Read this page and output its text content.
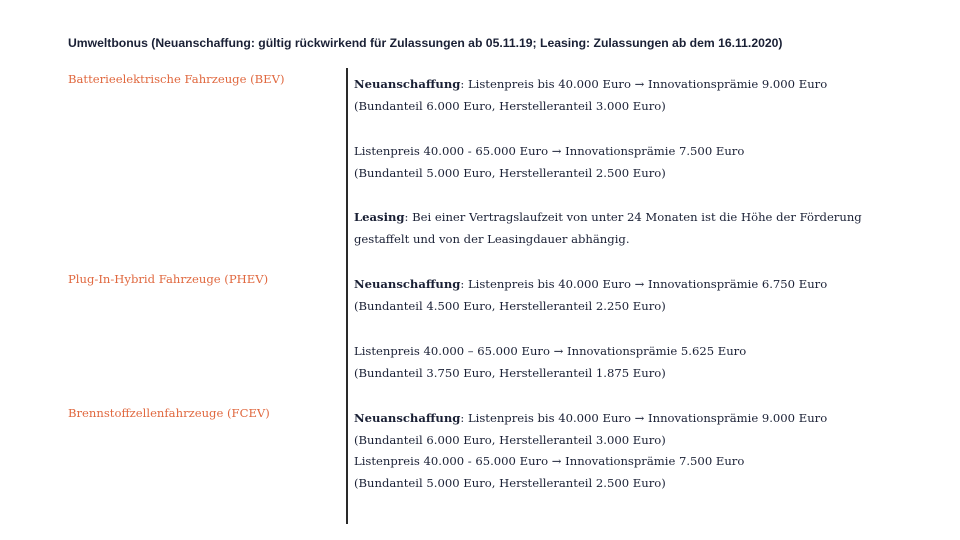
Umweltbonus (Neuanschaffung: gültig rückwirkend für Zulassungen ab 05.11.19; Leasing: Zulassungen ab dem 16.11.2020)
Batterieelektrische Fahrzeuge (BEV)
Plug-In-Hybrid Fahrzeuge (PHEV)
Brennstoffzellenfahrzeuge (FCEV)
Neuanschaffung: Listenpreis bis 40.000 Euro → Innovationsprämie 9.000 Euro
(Bundanteil 6.000 Euro, Herstelleranteil 3.000 Euro)
Listenpreis 40.000 - 65.000 Euro → Innovationsprämie 7.500 Euro
(Bundanteil 5.000 Euro, Herstelleranteil 2.500 Euro)
Leasing: Bei einer Vertragslaufzeit von unter 24 Monaten ist die Höhe der Förderung
gestaffelt und von der Leasingdauer abhängig.
Neuanschaffung: Listenpreis bis 40.000 Euro → Innovationsprämie 6.750 Euro
(Bundanteil 4.500 Euro, Herstelleranteil 2.250 Euro)
Listenpreis 40.000 – 65.000 Euro → Innovationsprämie 5.625 Euro
(Bundanteil 3.750 Euro, Herstelleranteil 1.875 Euro)
Neuanschaffung: Listenpreis bis 40.000 Euro → Innovationsprämie 9.000 Euro
(Bundanteil 6.000 Euro, Herstelleranteil 3.000 Euro)
Listenpreis 40.000 - 65.000 Euro → Innovationsprämie 7.500 Euro
(Bundanteil 5.000 Euro, Herstelleranteil 2.500 Euro)
